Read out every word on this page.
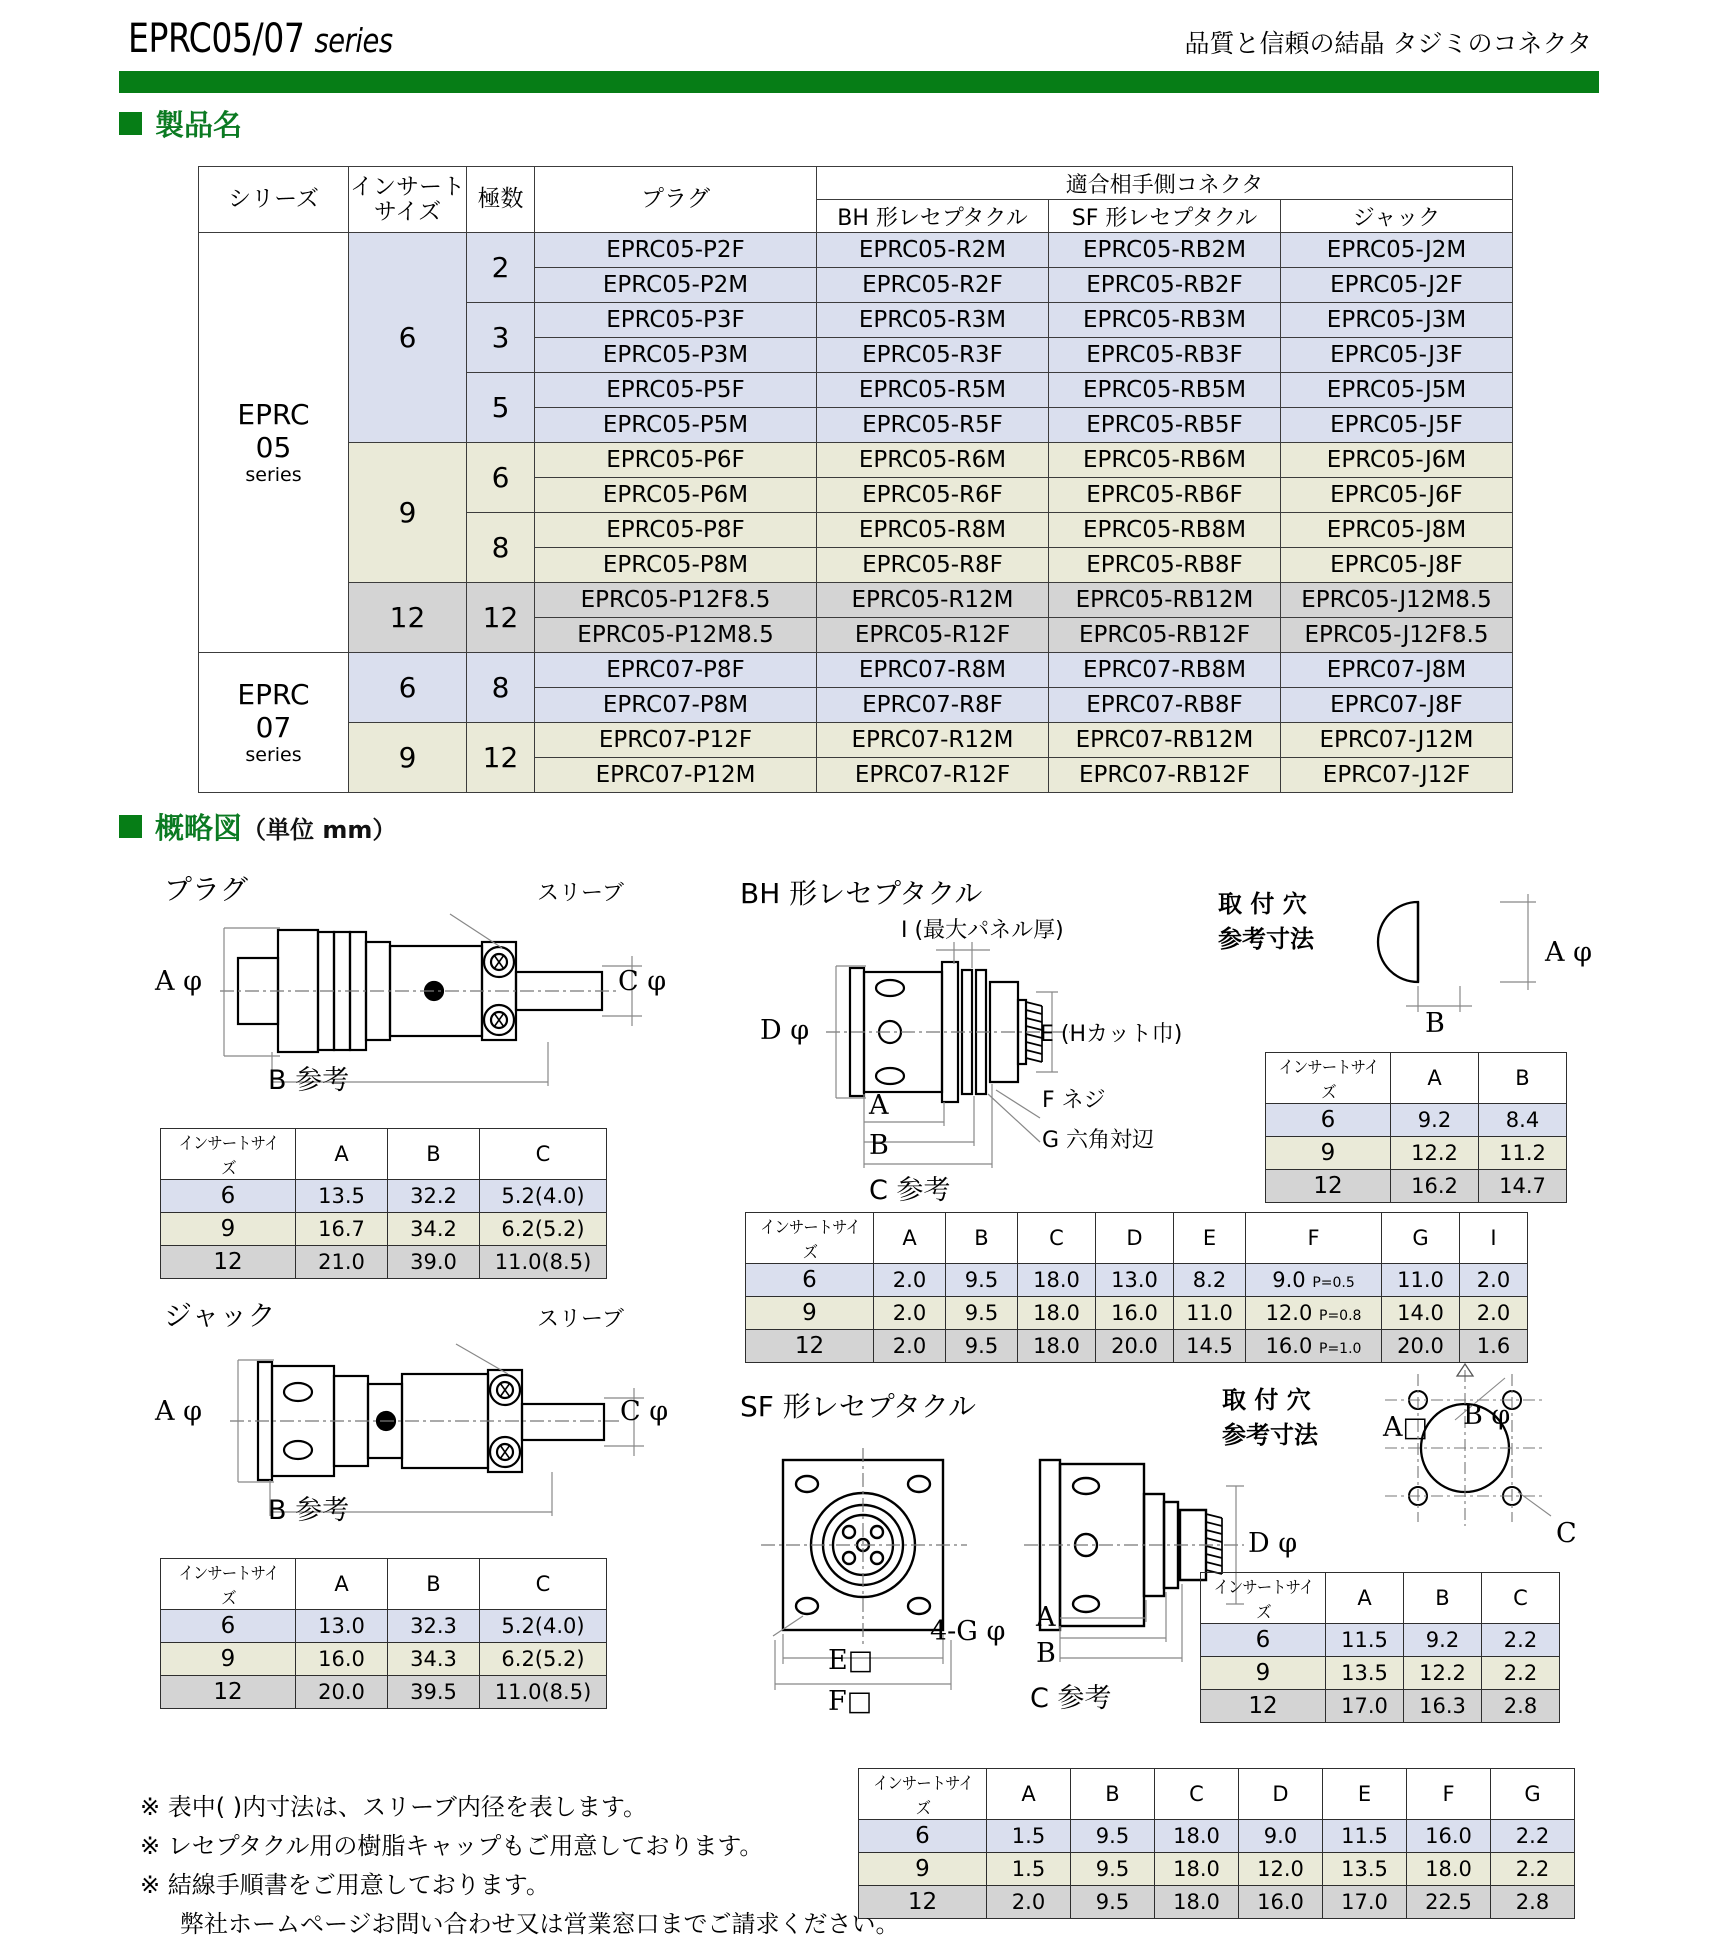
EPRC05/07 series	品質と信頼の結晶 タジミのコネクタ
製品名
シリーズ	インサート
サイズ	極数	プラグ	適合相手側コネクタ		
				BH 形レセプタクル	SF 形レセプタクル	ジャック

EPRC
05
series	6	2	EPRC05-P2F	EPRC05-R2M	EPRC05-RB2M	EPRC05-J2M
			EPRC05-P2M	EPRC05-R2F	EPRC05-RB2F	EPRC05-J2F
		3	EPRC05-P3F	EPRC05-R3M	EPRC05-RB3M	EPRC05-J3M
			EPRC05-P3M	EPRC05-R3F	EPRC05-RB3F	EPRC05-J3F
		5	EPRC05-P5F	EPRC05-R5M	EPRC05-RB5M	EPRC05-J5M
			EPRC05-P5M	EPRC05-R5F	EPRC05-RB5F	EPRC05-J5F
	9	6	EPRC05-P6F	EPRC05-R6M	EPRC05-RB6M	EPRC05-J6M
			EPRC05-P6M	EPRC05-R6F	EPRC05-RB6F	EPRC05-J6F
		8	EPRC05-P8F	EPRC05-R8M	EPRC05-RB8M	EPRC05-J8M
			EPRC05-P8M	EPRC05-R8F	EPRC05-RB8F	EPRC05-J8F
	12	12	EPRC05-P12F8.5	EPRC05-R12M	EPRC05-RB12M	EPRC05-J12M8.5
			EPRC05-P12M8.5	EPRC05-R12F	EPRC05-RB12F	EPRC05-J12F8.5

EPRC
07
series	6	8	EPRC07-P8F	EPRC07-R8M	EPRC07-RB8M	EPRC07-J8M
			EPRC07-P8M	EPRC07-R8F	EPRC07-RB8F	EPRC07-J8F
	9	12	EPRC07-P12F	EPRC07-R12M	EPRC07-RB12M	EPRC07-J12M
			EPRC07-P12M	EPRC07-R12F	EPRC07-RB12F	EPRC07-J12F
概略図（単位 mm）
プラグ
A φ	C φ
B 参考
スリーブ
インサートサイズ	A	B	C
6	13.5	32.2	5.2(4.0)
9	16.7	34.2	6.2(5.2)
12	21.0	39.0	11.0(8.5)
ジャック
A φ	C φ
B 参考
スリーブ
インサートサイズ	A	B	C
6	13.0	32.3	5.2(4.0)
9	16.0	34.3	6.2(5.2)
12	20.0	39.5	11.0(8.5)
BH 形レセプタクル
I (最大パネル厚)
D φ	E (Hカット巾)
F ネジ
G 六角対辺
A
B
C 参考
取 付 穴
参考寸法	A φ
B
インサートサイズ	A	B
6	9.2	8.4
9	12.2	11.2
12	16.2	14.7
インサートサイズ	A	B	C	D	E	F	G	I
6	2.0	9.5	18.0	13.0	8.2	9.0 P=0.5	11.0	2.0
9	2.0	9.5	18.0	16.0	11.0	12.0 P=0.8	14.0	2.0
12	2.0	9.5	18.0	20.0	14.5	16.0 P=1.0	20.0	1.6
SF 形レセプタクル
4-G φ
E□
F□
D φ
A
B
C 参考
取 付 穴
参考寸法 A□ B φ
C
インサートサイズ	A	B	C
6	11.5	9.2	2.2
9	13.5	12.2	2.2
12	17.0	16.3	2.8
インサートサイズ	A	B	C	D	E	F	G
6	1.5	9.5	18.0	9.0	11.5	16.0	2.2
9	1.5	9.5	18.0	12.0	13.5	18.0	2.2
12	2.0	9.5	18.0	16.0	17.0	22.5	2.8
※ 表中( )内寸法は、スリーブ内径を表します。
※ レセプタクル用の樹脂キャップもご用意しております。
※ 結線手順書をご用意しております。
弊社ホームページお問い合わせ又は営業窓口までご請求ください。
